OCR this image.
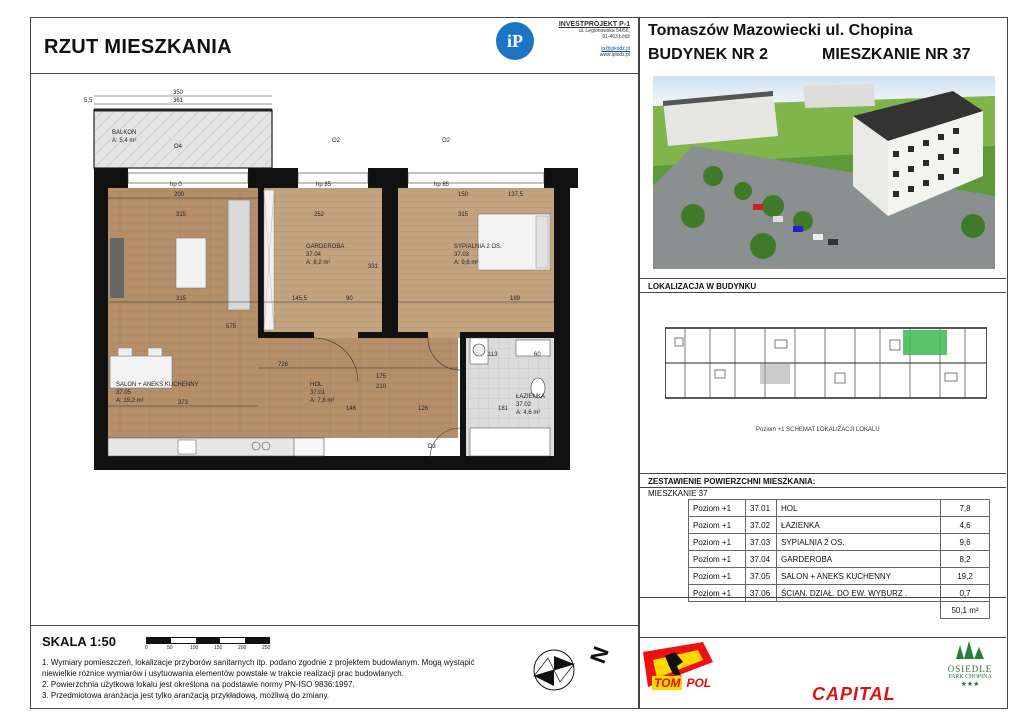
RZUT MIESZKANIA	iP
INVESTPROJEKT P-1
ul. Legionowska 54/56,
91-463 Łódź
ip@ipkodz.pl
www.iplodz.pl
Tomaszów Mazowiecki ul. Chopina
BUDYNEK NR 2	MIESZKANIE NR 37
LOKALIZACJA W BUDYNKU
Poziom +1 SCHEMAT LOKALIZACJI LOKALU
ZESTAWIENIE POWIERZCHNI MIESZKANIA:
MIESZKANIE 37
Poziom +1	37.01	HOL	7,8
Poziom +1	37.02	ŁAZIENKA	4,6
Poziom +1	37.03	SYPIALNIA 2 OS.	9,6
Poziom +1	37.04	GARDEROBA	8,2
Poziom +1	37.05	SALON + ANEKS KUCHENNY	19,2
Poziom +1	37.06	ŚCIAN. DZIAŁ. DO EW. WYBURZ .	0,7
			50,1 m²
TOM POL
CAPITAL
OSIEDLE
PARK CHOPINA
★★★
SKALA 1:50	0	50	100	150	200	250
1. Wymiary pomieszczeń, lokalizacje przyborów sanitarnych itp. podano zgodnie z projektem budowlanym. Mogą wystąpić
niewielkie różnice wymiarów i usytuowania elementów powstałe w trakcie realizacji prac budowlanych.
2. Powierzchnia użytkowa lokalu jest określona na podstawie normy PN-ISO 9836:1997.
3. Przedmiotowa aranżacja jest tylko aranżacją przykładową, możliwą do zmiany.
N
350
361
5,5
200
315
315
373
726
252
331
145,5	90
315
137,5
189
150
575
175
210
146	126	181
113	60
hp 0	hp 85	hp 85
O2	O2
O4
D3
BALKON
A: 5,4 m²
GARDEROBA
37.04
A: 8,2 m²
SYPIALNIA 2 OS.
37.03
A: 9,6 m²
SALON + ANEKS KUCHENNY
37.05
A: 19,2 m²
HOL
37.01
A: 7,8 m²
ŁAZIENKA
37.02
A: 4,6 m²
